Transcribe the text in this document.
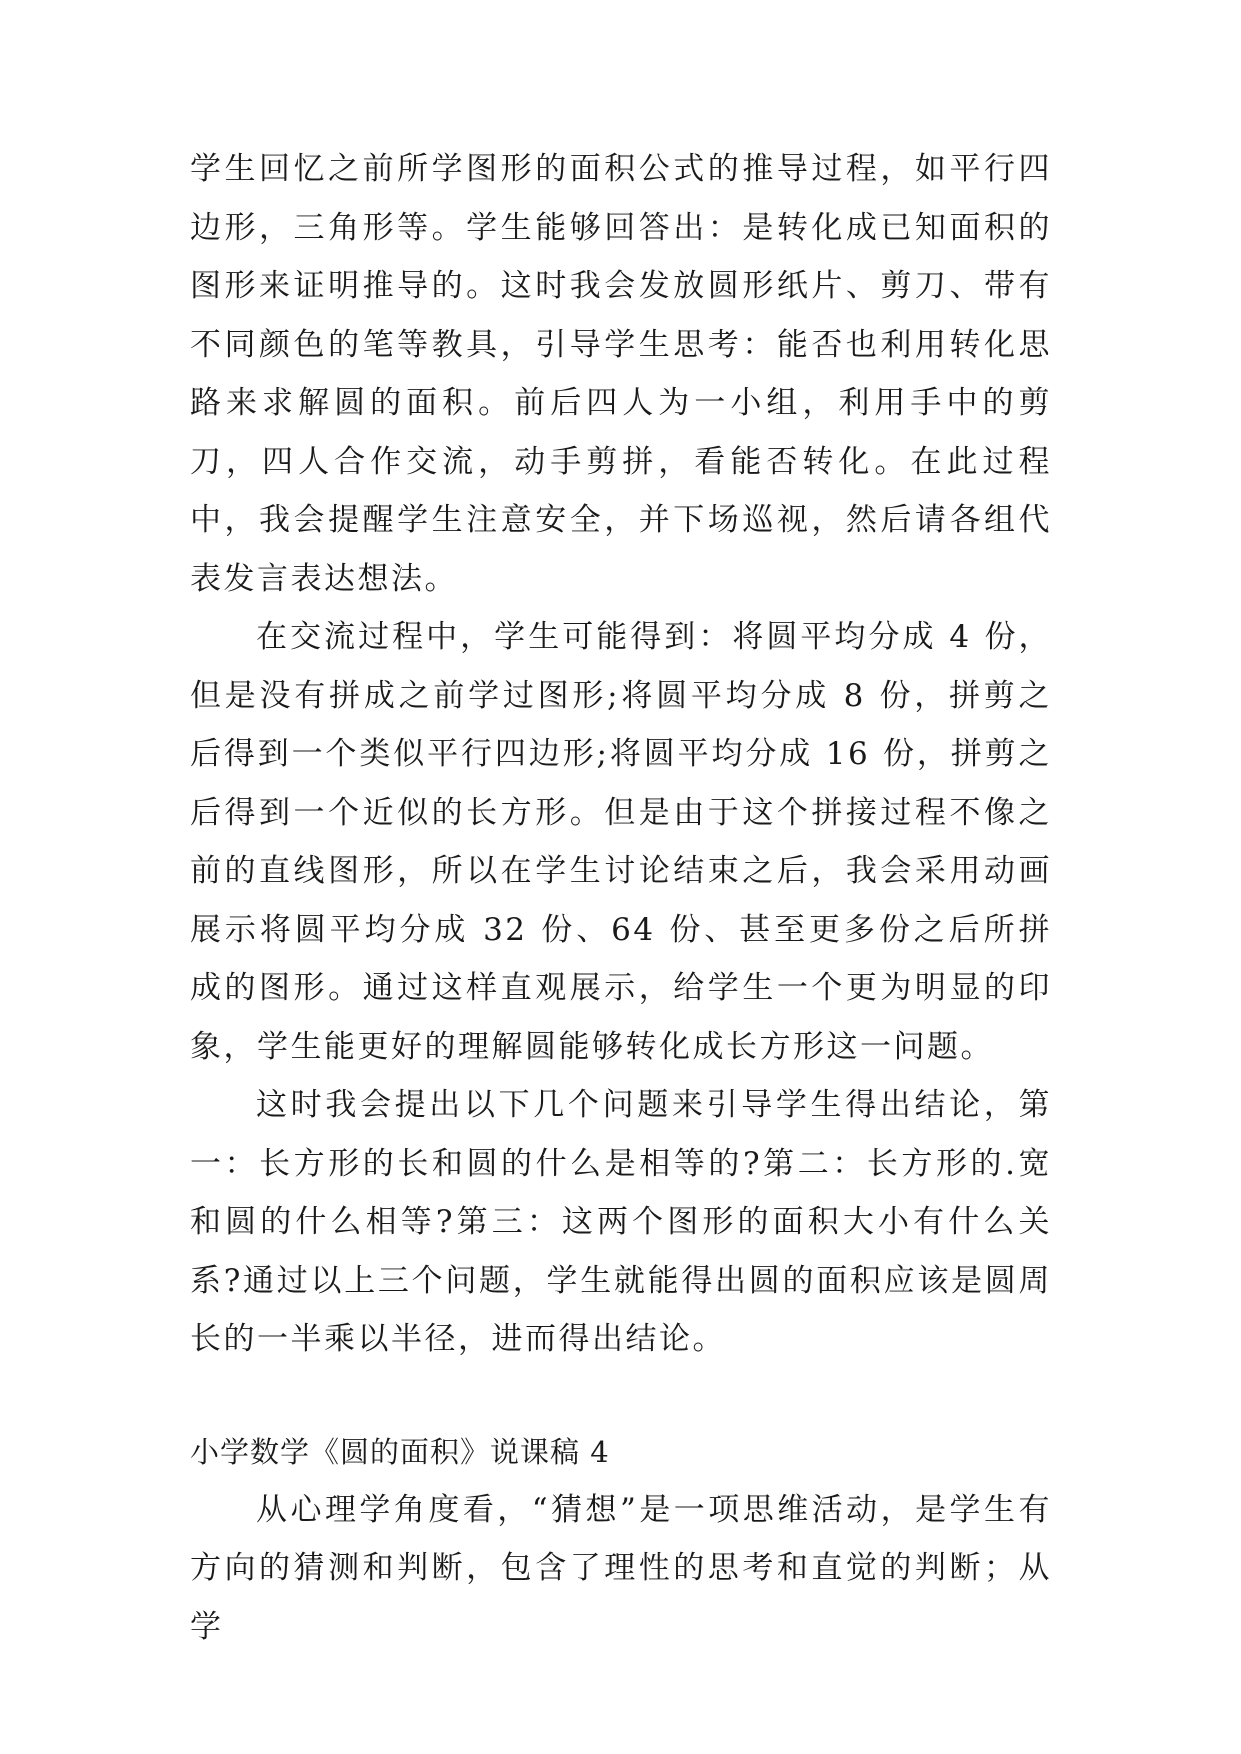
学生回忆之前所学图形的面积公式的推导过程，如平行四边形，三角形等。学生能够回答出：是转化成已知面积的图形来证明推导的。这时我会发放圆形纸片、剪刀、带有不同颜色的笔等教具，引导学生思考：能否也利用转化思路来求解圆的面积。前后四人为一小组，利用手中的剪刀，四人合作交流，动手剪拼，看能否转化。在此过程中，我会提醒学生注意安全，并下场巡视，然后请各组代表发言表达想法。

在交流过程中，学生可能得到：将圆平均分成 4 份，但是没有拼成之前学过图形;将圆平均分成 8 份，拼剪之后得到一个类似平行四边形;将圆平均分成 16 份，拼剪之后得到一个近似的长方形。但是由于这个拼接过程不像之前的直线图形，所以在学生讨论结束之后，我会采用动画展示将圆平均分成 32 份、64 份、甚至更多份之后所拼成的图形。通过这样直观展示，给学生一个更为明显的印象，学生能更好的理解圆能够转化成长方形这一问题。

这时我会提出以下几个问题来引导学生得出结论，第一：长方形的长和圆的什么是相等的?第二：长方形的.宽和圆的什么相等?第三：这两个图形的面积大小有什么关系?通过以上三个问题，学生就能得出圆的面积应该是圆周长的一半乘以半径，进而得出结论。

小学数学《圆的面积》说课稿 4

从心理学角度看，“猜想”是一项思维活动，是学生有方向的猜测和判断，包含了理性的思考和直觉的判断；从学
